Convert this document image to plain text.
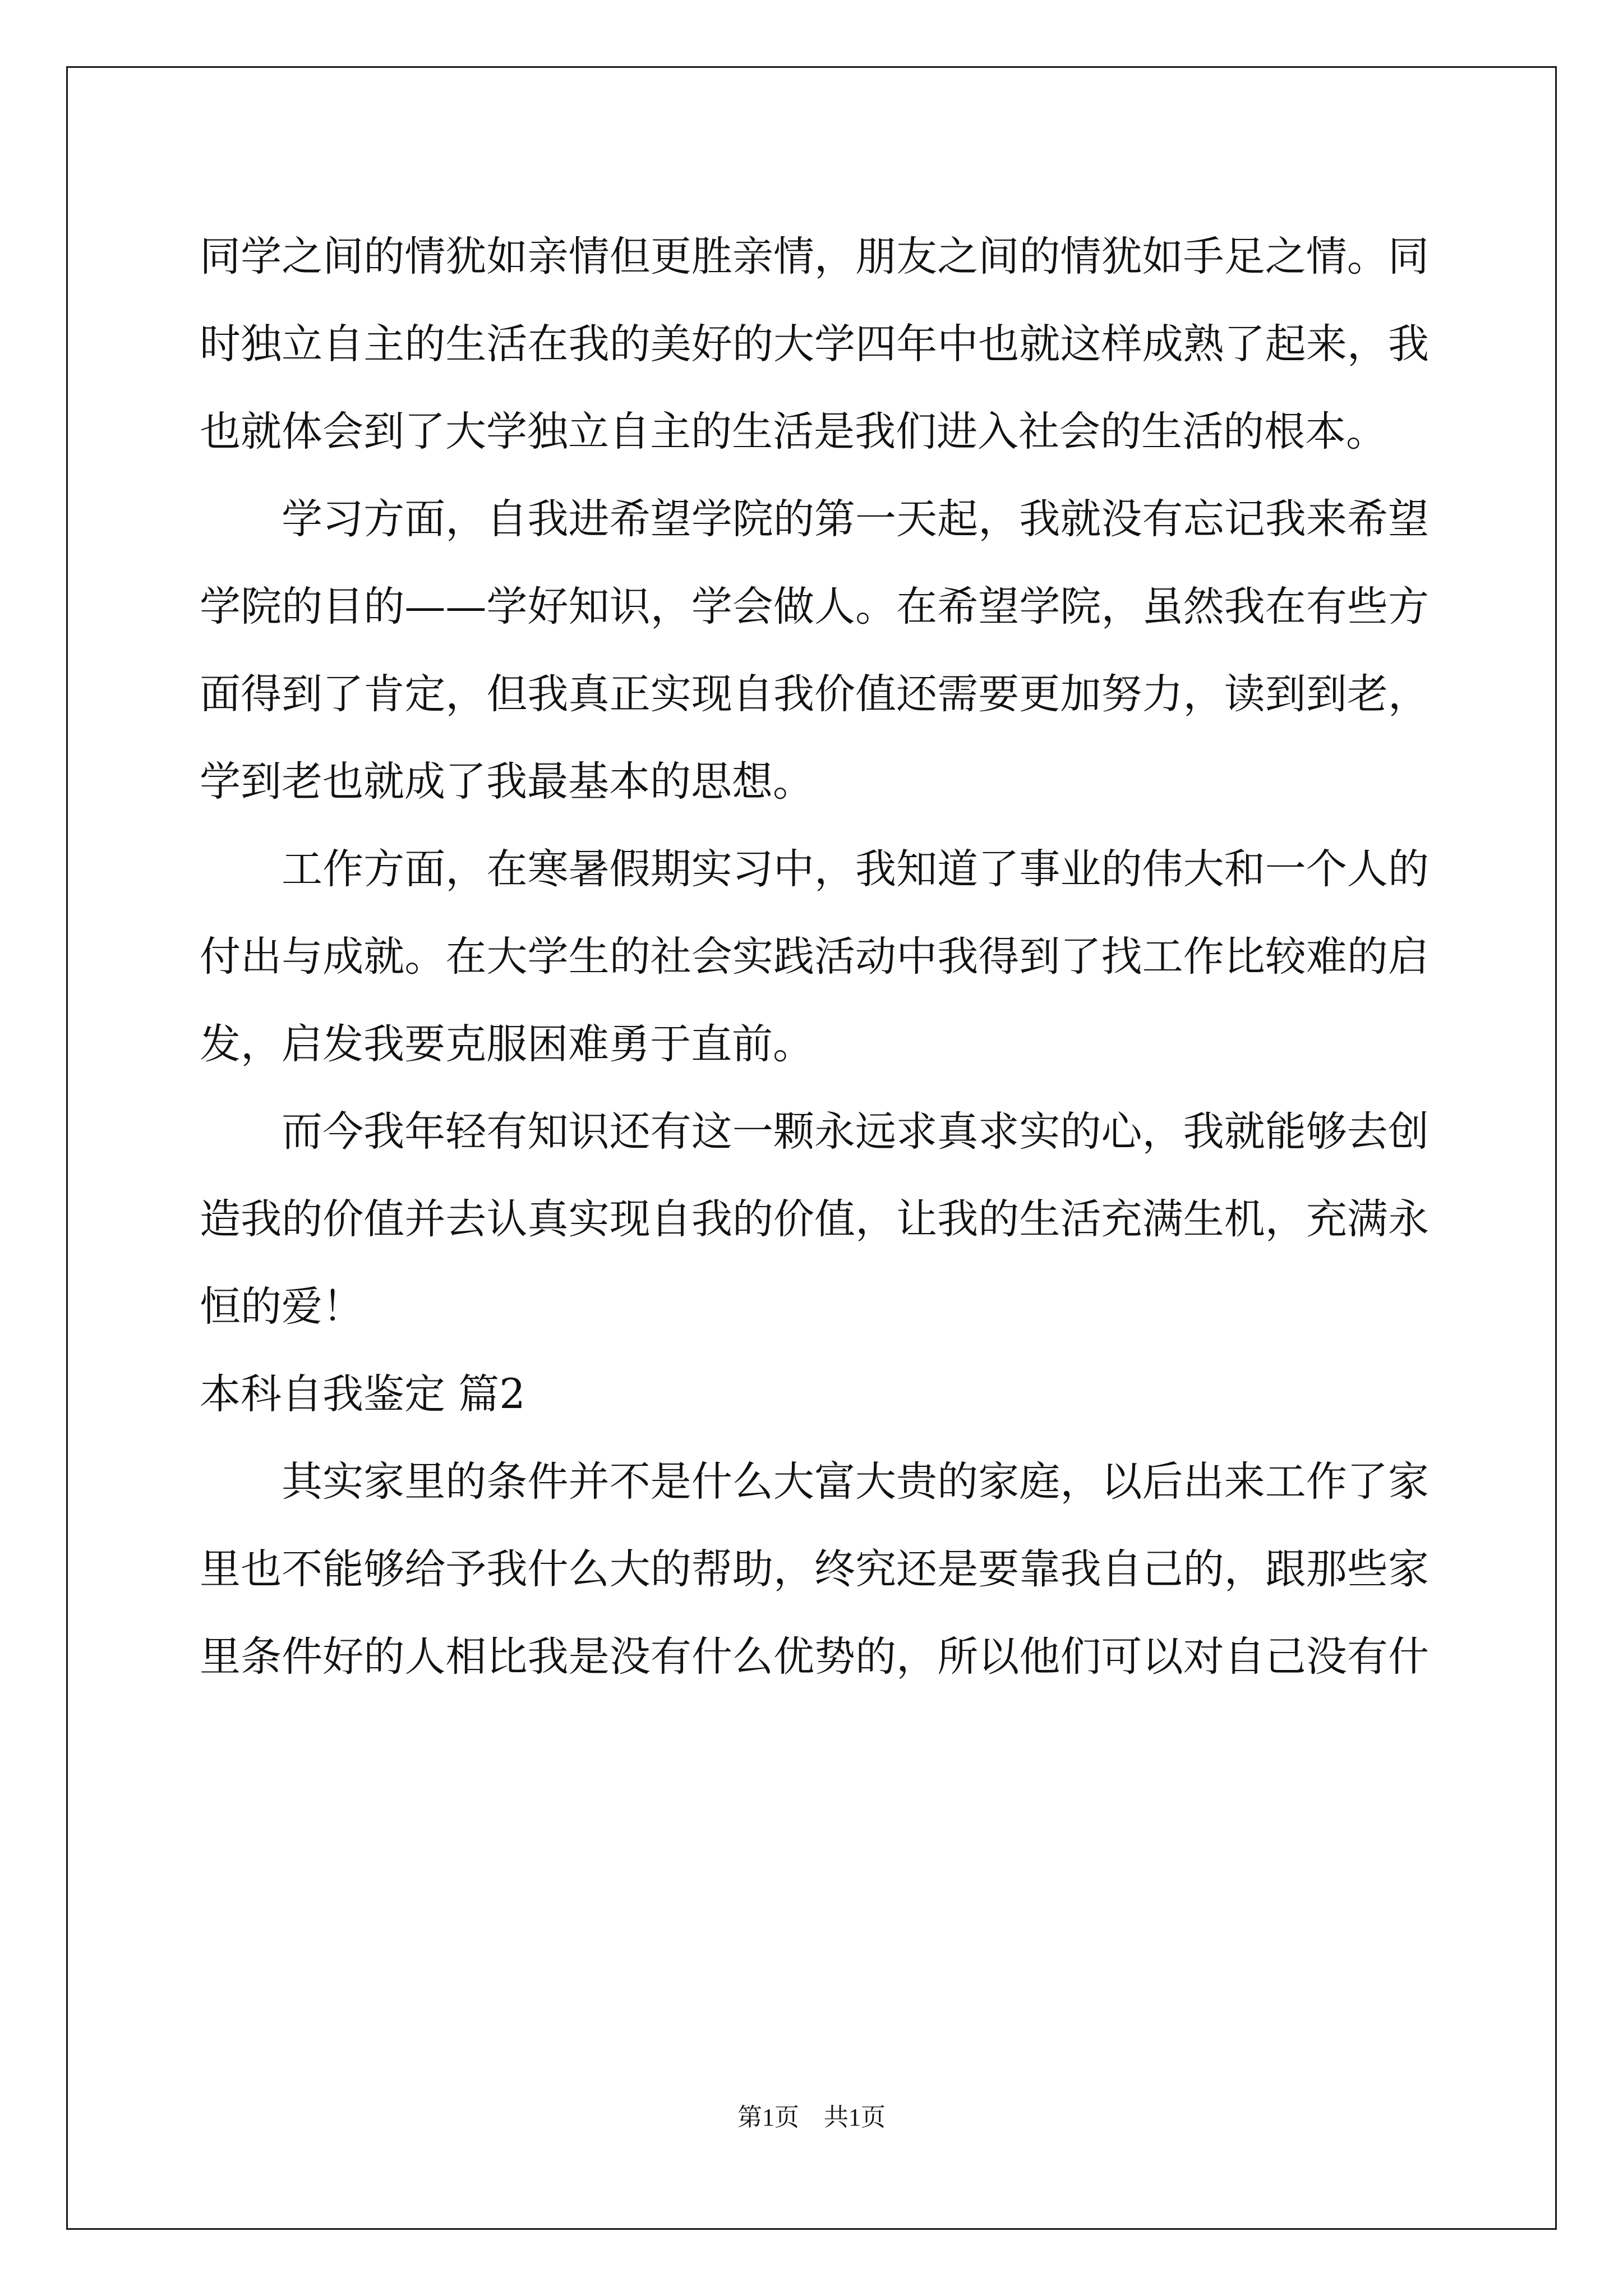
同学之间的情犹如亲情但更胜亲情，朋友之间的情犹如手足之情。同
时独立自主的生活在我的美好的大学四年中也就这样成熟了起来，我
也就体会到了大学独立自主的生活是我们进入社会的生活的根本。
学习方面，自我进希望学院的第一天起，我就没有忘记我来希望
学院的目的——学好知识，学会做人。在希望学院，虽然我在有些方
面得到了肯定，但我真正实现自我价值还需要更加努力，读到到老，
学到老也就成了我最基本的思想。
工作方面，在寒暑假期实习中，我知道了事业的伟大和一个人的
付出与成就。在大学生的社会实践活动中我得到了找工作比较难的启
发，启发我要克服困难勇于直前。
而今我年轻有知识还有这一颗永远求真求实的心，我就能够去创
造我的价值并去认真实现自我的价值，让我的生活充满生机，充满永
恒的爱！
本科自我鉴定 篇2
其实家里的条件并不是什么大富大贵的家庭，以后出来工作了家
里也不能够给予我什么大的帮助，终究还是要靠我自己的，跟那些家
里条件好的人相比我是没有什么优势的，所以他们可以对自己没有什
第1页　共1页
